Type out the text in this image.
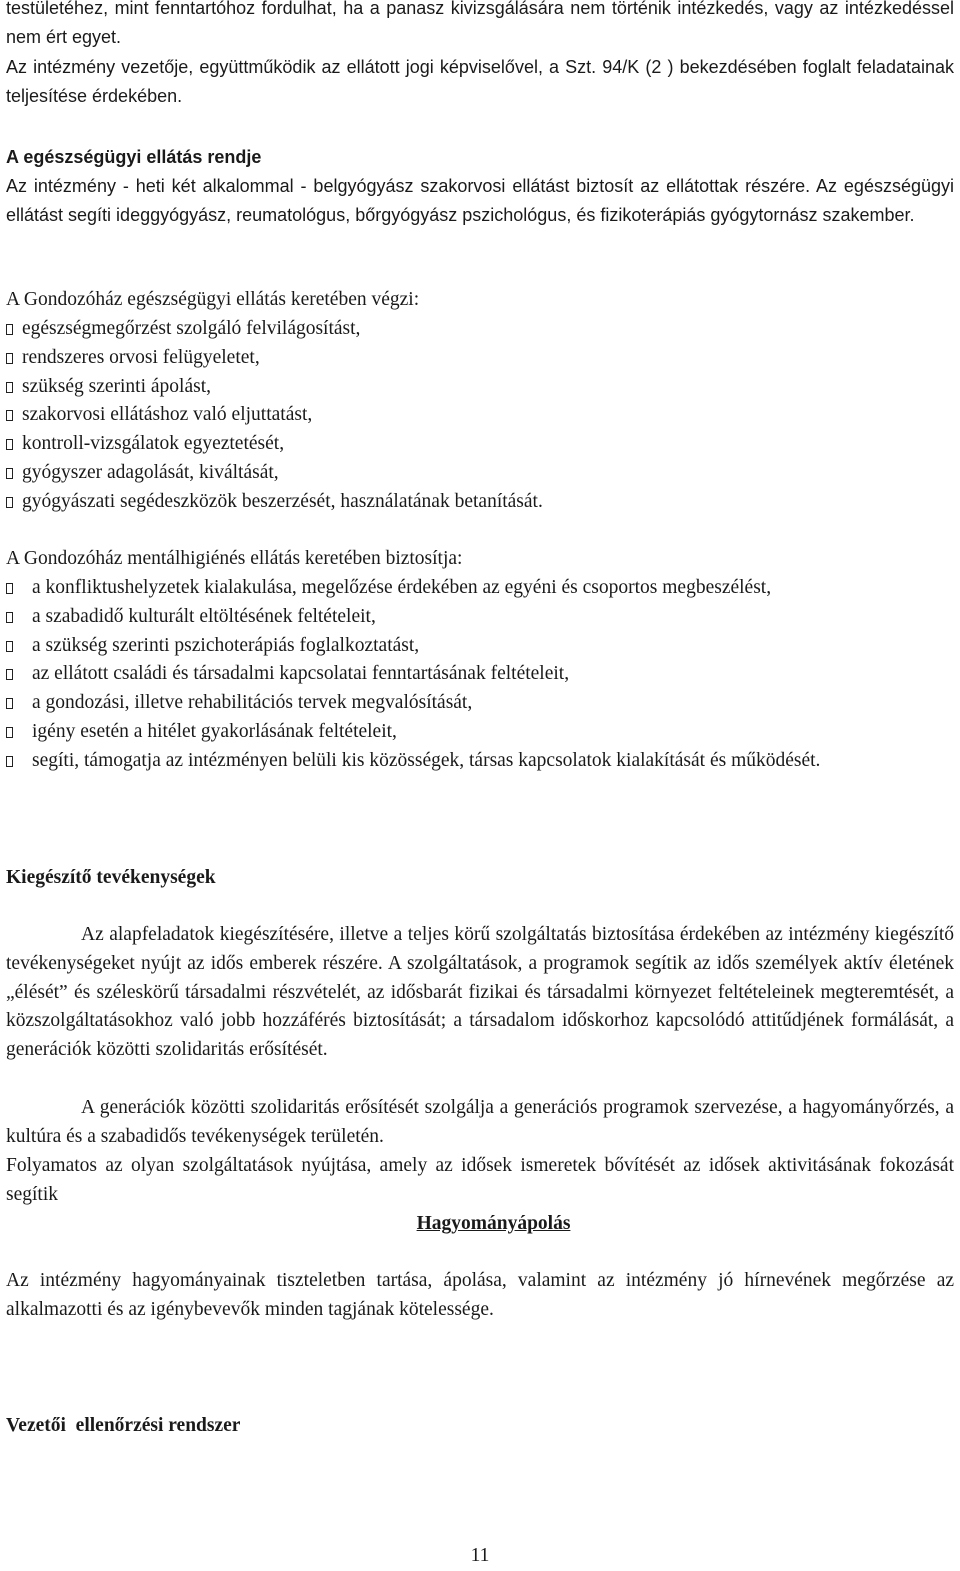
testületéhez, mint fenntartóhoz fordulhat, ha a panasz kivizsgálására nem történik intézkedés, vagy az intézkedéssel nem ért egyet.

Az intézmény vezetője, együttműködik az ellátott jogi képviselővel, a Szt. 94/K (2 ) bekezdésében foglalt feladatainak teljesítése érdekében.

A egészségügyi ellátás rendje

Az intézmény - heti két alkalommal - belgyógyász szakorvosi ellátást biztosít az ellátottak részére. Az egészségügyi ellátást segíti ideggyógyász, reumatológus, bőrgyógyász pszichológus, és fizikoterápiás gyógytornász szakember.

A Gondozóház egészségügyi ellátás keretében végzi:

egészségmegőrzést szolgáló felvilágosítást,
rendszeres orvosi felügyeletet,
szükség szerinti ápolást,
szakorvosi ellátáshoz való eljuttatást,
kontroll-vizsgálatok egyeztetését,
gyógyszer adagolását, kiváltását,
gyógyászati segédeszközök beszerzését, használatának betanítását.

A Gondozóház mentálhigiénés ellátás keretében biztosítja:

a konfliktushelyzetek kialakulása, megelőzése érdekében az egyéni és csoportos megbeszélést,
a szabadidő kulturált eltöltésének feltételeit,
a szükség szerinti pszichoterápiás foglalkoztatást,
az ellátott családi és társadalmi kapcsolatai fenntartásának feltételeit,
a gondozási, illetve rehabilitációs tervek megvalósítását,
igény esetén a hitélet gyakorlásának feltételeit,
segíti, támogatja az intézményen belüli kis közösségek, társas kapcsolatok kialakítását és működését.

Kiegészítő tevékenységek

Az alapfeladatok kiegészítésére, illetve a teljes körű szolgáltatás biztosítása érdekében az intézmény kiegészítő tevékenységeket nyújt az idős emberek részére. A szolgáltatások, a programok segítik az idős személyek aktív életének „élését” és széleskörű társadalmi részvételét, az idősbarát fizikai és társadalmi környezet feltételeinek megteremtését, a közszolgáltatásokhoz való jobb hozzáférés biztosítását; a társadalom időskorhoz kapcsolódó attitűdjének formálását, a generációk közötti szolidaritás erősítését.

A generációk közötti szolidaritás erősítését szolgálja a generációs programok szervezése, a hagyományőrzés, a kultúra és a szabadidős tevékenységek területén.

Folyamatos az olyan szolgáltatások nyújtása, amely az idősek ismeretek bővítését az idősek aktivitásának fokozását segítik

Hagyományápolás

Az intézmény hagyományainak tiszteletben tartása, ápolása, valamint az intézmény jó hírnevének megőrzése az alkalmazotti és az igénybevevők minden tagjának kötelessége.

Vezetői  ellenőrzési rendszer

11
